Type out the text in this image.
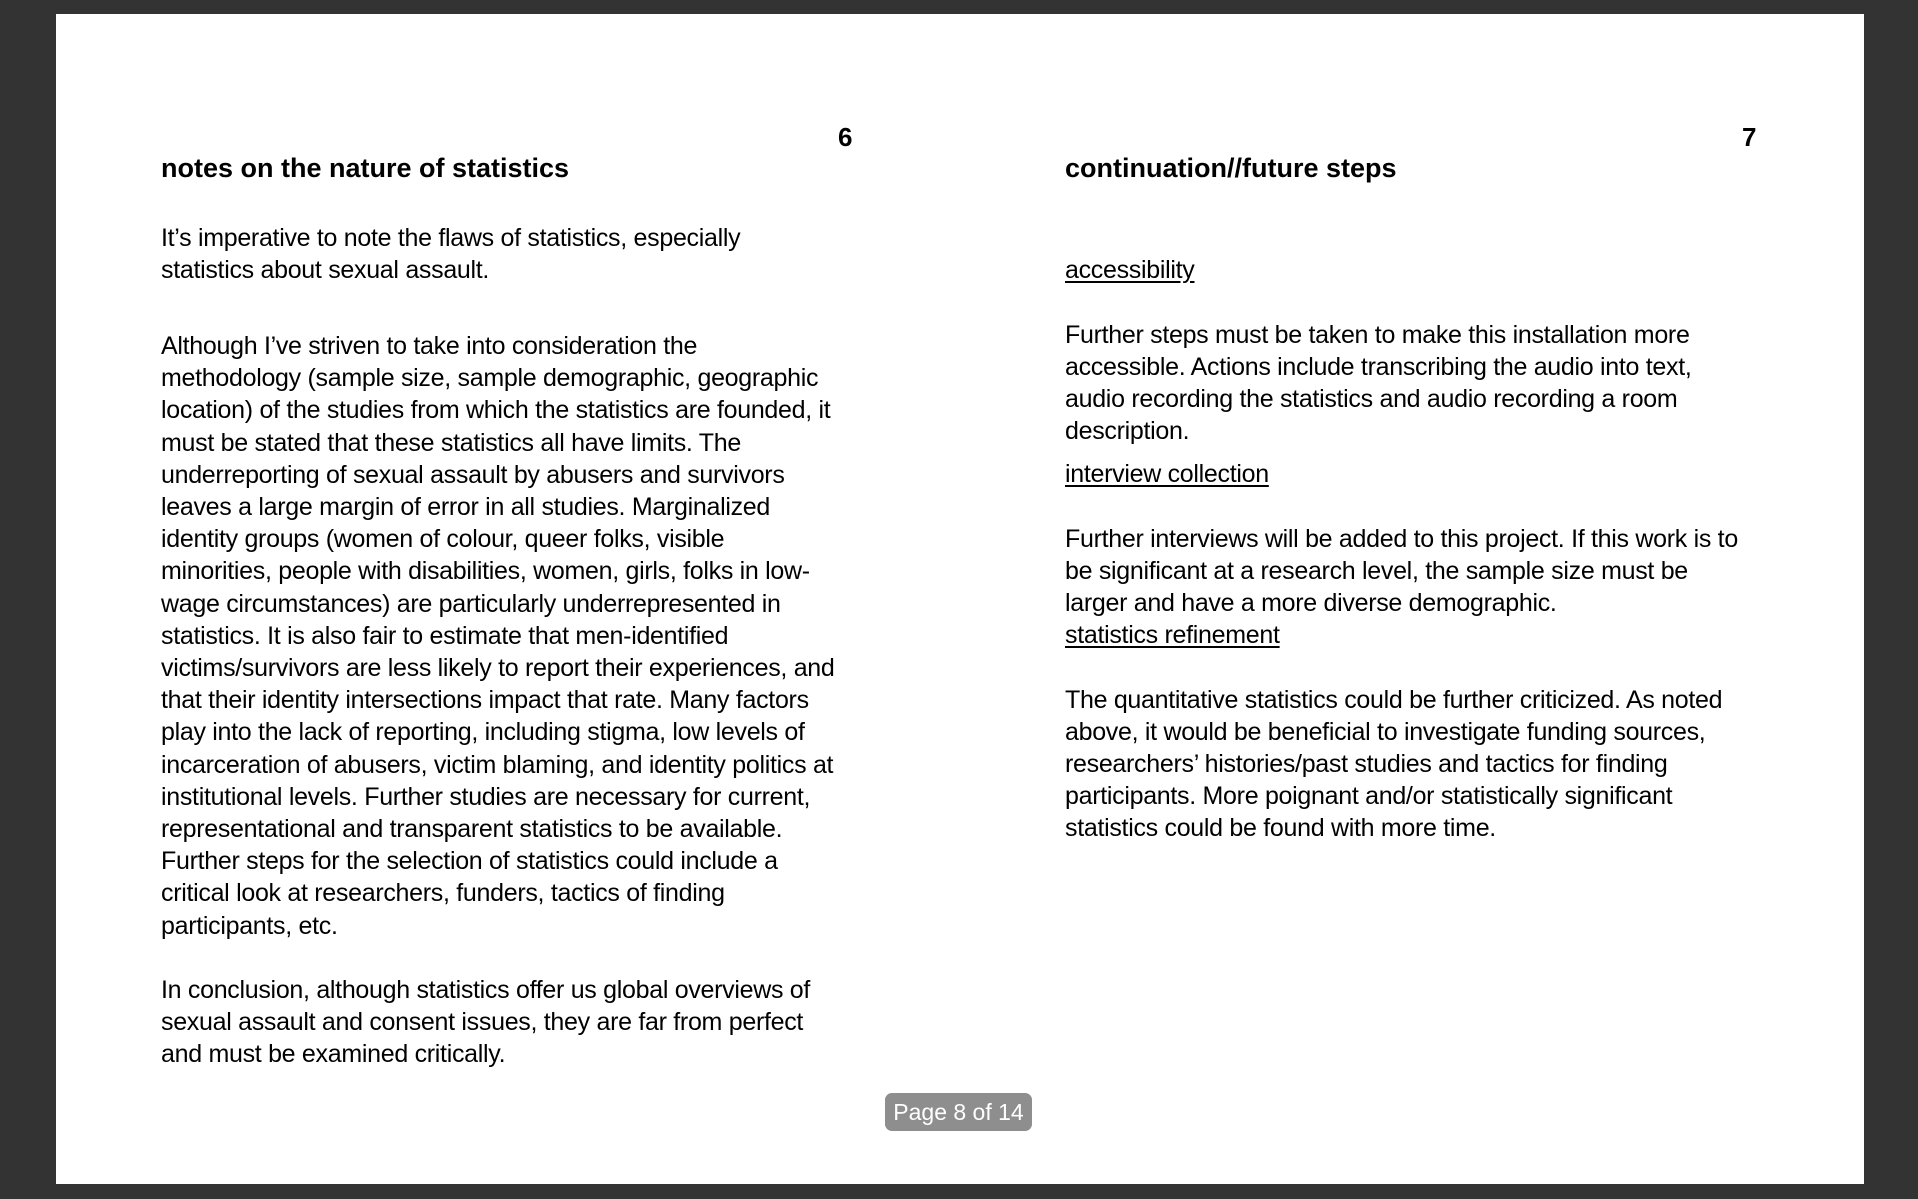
6	7
notes on the nature of statistics

It’s imperative to note the flaws of statistics, especially
statistics about sexual assault.

Although I’ve striven to take into consideration the
methodology (sample size, sample demographic, geographic
location) of the studies from which the statistics are founded, it
must be stated that these statistics all have limits. The
underreporting of sexual assault by abusers and survivors
leaves a large margin of error in all studies. Marginalized
identity groups (women of colour, queer folks, visible
minorities, people with disabilities, women, girls, folks in low-
wage circumstances) are particularly underrepresented in
statistics. It is also fair to estimate that men-identified
victims/survivors are less likely to report their experiences, and
that their identity intersections impact that rate. Many factors
play into the lack of reporting, including stigma, low levels of
incarceration of abusers, victim blaming, and identity politics at
institutional levels. Further studies are necessary for current,
representational and transparent statistics to be available.
Further steps for the selection of statistics could include a
critical look at researchers, funders, tactics of finding
participants, etc.

In conclusion, although statistics offer us global overviews of
sexual assault and consent issues, they are far from perfect
and must be examined critically.

continuation//future steps

accessibility

Further steps must be taken to make this installation more
accessible. Actions include transcribing the audio into text,
audio recording the statistics and audio recording a room
description.

interview collection

Further interviews will be added to this project. If this work is to
be significant at a research level, the sample size must be
larger and have a more diverse demographic.

statistics refinement

The quantitative statistics could be further criticized. As noted
above, it would be beneficial to investigate funding sources,
researchers’ histories/past studies and tactics for finding
participants. More poignant and/or statistically significant
statistics could be found with more time.

Page 8 of 14
